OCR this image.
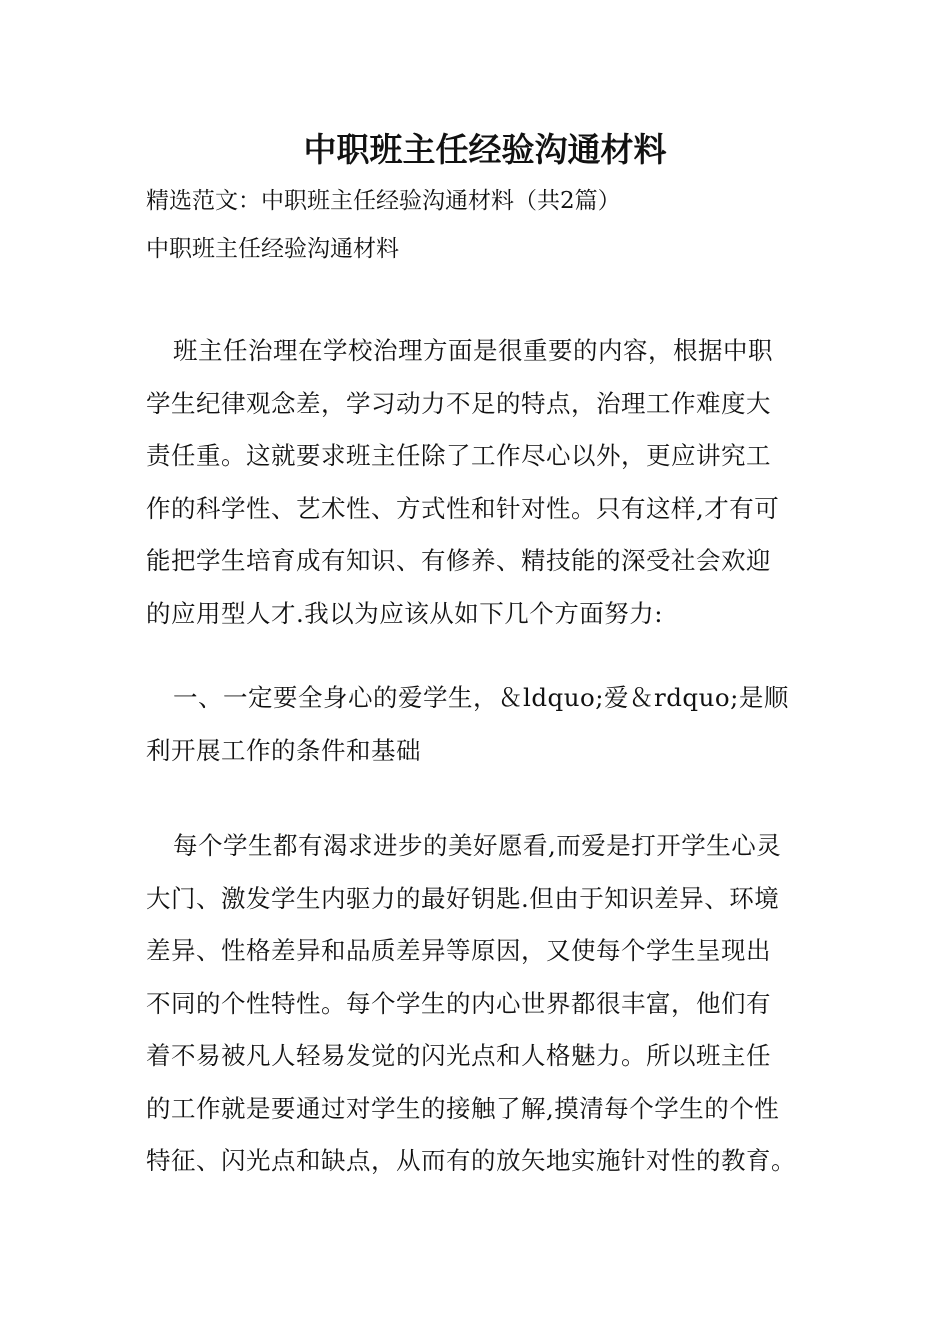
中职班主任经验沟通材料
精选范文：中职班主任经验沟通材料（共2篇）
中职班主任经验沟通材料
班主任治理在学校治理方面是很重要的内容，根据中职
学生纪律观念差，学习动力不足的特点，治理工作难度大
责任重。这就要求班主任除了工作尽心以外，更应讲究工
作的科学性、艺术性、方式性和针对性。只有这样,才有可
能把学生培育成有知识、有修养、精技能的深受社会欢迎
的应用型人才.我以为应该从如下几个方面努力:
一、一定要全身心的爱学生，＆ldquo;爱＆rdquo;是顺
利开展工作的条件和基础
每个学生都有渴求进步的美好愿看,而爱是打开学生心灵
大门、激发学生内驱力的最好钥匙.但由于知识差异、环境
差异、性格差异和品质差异等原因，又使每个学生呈现出
不同的个性特性。每个学生的内心世界都很丰富，他们有
着不易被凡人轻易发觉的闪光点和人格魅力。所以班主任
的工作就是要通过对学生的接触了解,摸清每个学生的个性
特征、闪光点和缺点，从而有的放矢地实施针对性的教育。
